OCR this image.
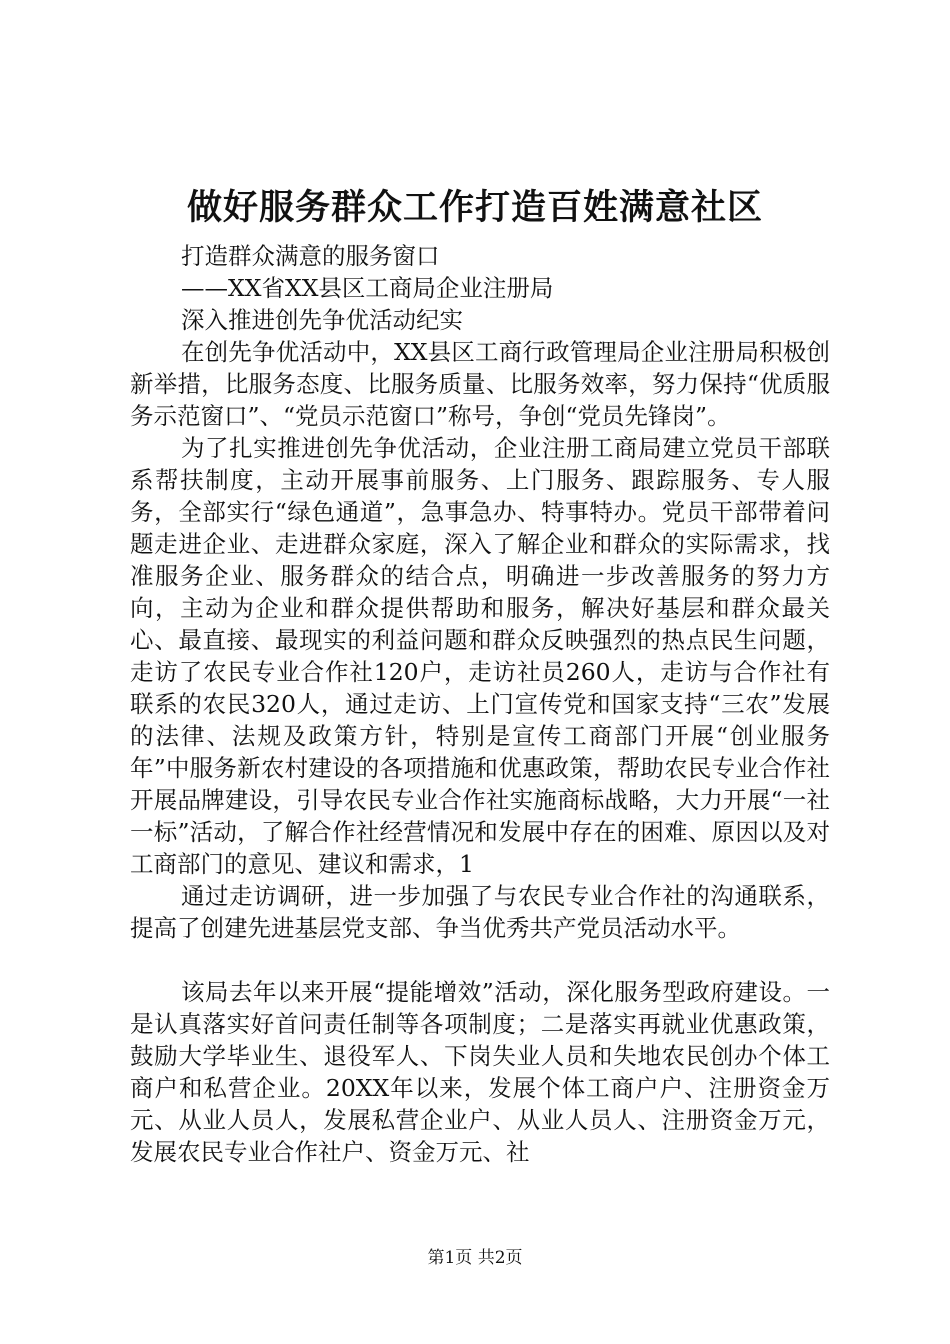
做好服务群众工作打造百姓满意社区
打造群众满意的服务窗口
——XX省XX县区工商局企业注册局
深入推进创先争优活动纪实

在创先争优活动中，XX县区工商行政管理局企业注册局积极创新举措，比服务态度、比服务质量、比服务效率，努力保持“优质服务示范窗口”、“党员示范窗口”称号，争创“党员先锋岗”。

为了扎实推进创先争优活动，企业注册工商局建立党员干部联系帮扶制度，主动开展事前服务、上门服务、跟踪服务、专人服务，全部实行“绿色通道”，急事急办、特事特办。党员干部带着问题走进企业、走进群众家庭，深入了解企业和群众的实际需求，找准服务企业、服务群众的结合点，明确进一步改善服务的努力方向，主动为企业和群众提供帮助和服务，解决好基层和群众最关心、最直接、最现实的利益问题和群众反映强烈的热点民生问题，走访了农民专业合作社120户，走访社员260人，走访与合作社有联系的农民320人，通过走访、上门宣传党和国家支持“三农”发展的法律、法规及政策方针，特别是宣传工商部门开展“创业服务年”中服务新农村建设的各项措施和优惠政策，帮助农民专业合作社开展品牌建设，引导农民专业合作社实施商标战略，大力开展“一社一标”活动，了解合作社经营情况和发展中存在的困难、原因以及对工商部门的意见、建议和需求，1

通过走访调研，进一步加强了与农民专业合作社的沟通联系，提高了创建先进基层党支部、争当优秀共产党员活动水平。

该局去年以来开展“提能增效”活动，深化服务型政府建设。一是认真落实好首问责任制等各项制度；二是落实再就业优惠政策，鼓励大学毕业生、退役军人、下岗失业人员和失地农民创办个体工商户和私营企业。20XX年以来，发展个体工商户户、注册资金万元、从业人员人，发展私营企业户、从业人员人、注册资金万元，发展农民专业合作社户、资金万元、社

第1页 共2页
